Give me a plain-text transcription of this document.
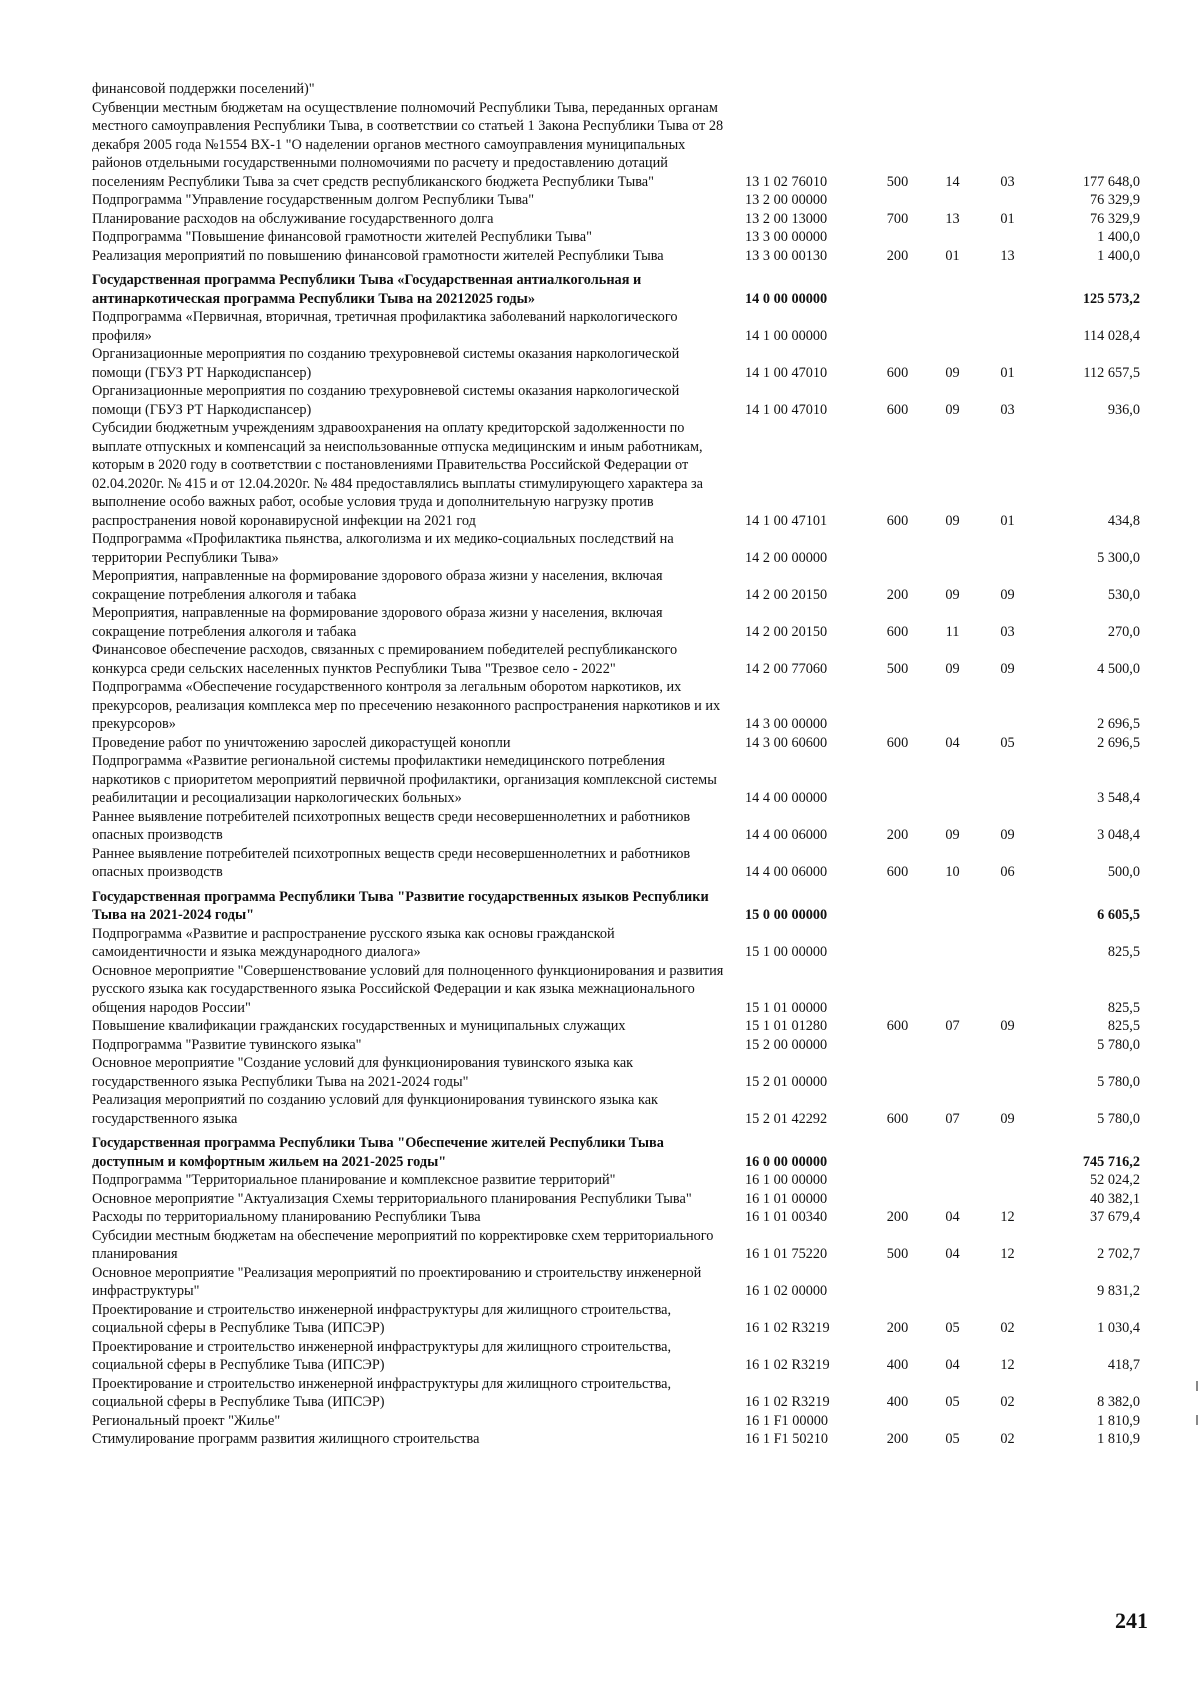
финансовой поддержки поселений)"					
Субвенции местным бюджетам на осуществление полномочий Республики Тыва, переданных органам местного самоуправления Республики Тыва, в соответствии со статьей 1 Закона Республики Тыва от 28 декабря 2005 года №1554 ВХ-1 "О наделении органов местного самоуправления муниципальных районов отдельными государственными полномочиями по расчету и предоставлению дотаций поселениям Республики Тыва за счет средств республиканского бюджета Республики Тыва"	13 1 02 76010	500	14	03	177 648,0
Подпрограмма "Управление государственным долгом Республики Тыва"	13 2 00 00000				76 329,9
Планирование расходов на обслуживание государственного долга	13 2 00 13000	700	13	01	76 329,9
Подпрограмма "Повышение финансовой грамотности жителей Республики Тыва"	13 3 00 00000				1 400,0
Реализация мероприятий по повышению финансовой грамотности жителей Республики Тыва	13 3 00 00130	200	01	13	1 400,0
Государственная программа Республики Тыва «Государственная антиалкогольная и антинаркотическая программа Республики Тыва на 20212025 годы»	14 0 00 00000				125 573,2
Подпрограмма «Первичная, вторичная, третичная профилактика заболеваний наркологического профиля»	14 1 00 00000				114 028,4
Организационные мероприятия по созданию трехуровневой системы оказания наркологической помощи (ГБУЗ РТ Наркодиспансер)	14 1 00 47010	600	09	01	112 657,5
Организационные мероприятия по созданию трехуровневой системы оказания наркологической помощи (ГБУЗ РТ Наркодиспансер)	14 1 00 47010	600	09	03	936,0
Субсидии бюджетным учреждениям здравоохранения на оплату кредиторской задолженности по выплате отпускных и компенсаций за неиспользованные отпуска медицинским и иным работникам, которым в 2020 году в соответствии с постановлениями Правительства Российской Федерации от 02.04.2020г. № 415 и от 12.04.2020г. № 484 предоставлялись выплаты стимулирующего характера за выполнение особо важных работ, особые условия труда и дополнительную нагрузку против распространения новой коронавирусной инфекции на 2021 год	14 1 00 47101	600	09	01	434,8
Подпрограмма «Профилактика пьянства, алкоголизма и их медико-социальных последствий на территории Республики Тыва»	14 2 00 00000				5 300,0
Мероприятия, направленные на формирование здорового образа жизни у населения, включая сокращение потребления алкоголя и табака	14 2 00 20150	200	09	09	530,0
Мероприятия, направленные на формирование здорового образа жизни у населения, включая сокращение потребления алкоголя и табака	14 2 00 20150	600	11	03	270,0
Финансовое обеспечение расходов, связанных с премированием победителей республиканского конкурса среди сельских населенных пунктов Республики Тыва "Трезвое село - 2022"	14 2 00 77060	500	09	09	4 500,0
Подпрограмма «Обеспечение государственного контроля за легальным оборотом наркотиков, их прекурсоров, реализация комплекса мер по пресечению незаконного распространения наркотиков и их прекурсоров»	14 3 00 00000				2 696,5
Проведение работ по уничтожению зарослей дикорастущей конопли	14 3 00 60600	600	04	05	2 696,5
Подпрограмма «Развитие региональной системы профилактики немедицинского потребления наркотиков с приоритетом мероприятий первичной профилактики, организация комплексной системы реабилитации и ресоциализации наркологических больных»	14 4 00 00000				3 548,4
Раннее выявление потребителей психотропных веществ среди несовершеннолетних и работников опасных производств	14 4 00 06000	200	09	09	3 048,4
Раннее выявление потребителей психотропных веществ среди несовершеннолетних и работников опасных производств	14 4 00 06000	600	10	06	500,0
Государственная программа Республики Тыва "Развитие государственных языков Республики Тыва на 2021-2024 годы"	15 0 00 00000				6 605,5
Подпрограмма «Развитие и распространение русского языка как основы гражданской самоидентичности и языка международного диалога»	15 1 00 00000				825,5
Основное мероприятие "Совершенствование условий для полноценного функционирования и развития русского языка как государственного языка Российской Федерации и как языка межнационального общения народов России"	15 1 01 00000				825,5
Повышение квалификации гражданских государственных и муниципальных служащих	15 1 01 01280	600	07	09	825,5
Подпрограмма "Развитие тувинского языка"	15 2 00 00000				5 780,0
Основное мероприятие "Создание условий для функционирования тувинского языка как государственного языка Республики Тыва на 2021-2024 годы"	15 2 01 00000				5 780,0
Реализация мероприятий по созданию условий для функционирования тувинского языка как государственного языка	15 2 01 42292	600	07	09	5 780,0
Государственная программа Республики Тыва "Обеспечение жителей Республики Тыва доступным и комфортным жильем на 2021-2025 годы"	16 0 00 00000				745 716,2
Подпрограмма "Территориальное планирование и комплексное развитие территорий"	16 1 00 00000				52 024,2
Основное мероприятие "Актуализация Схемы территориального планирования Республики Тыва"	16 1 01 00000				40 382,1
Расходы по территориальному планированию Республики Тыва	16 1 01 00340	200	04	12	37 679,4
Субсидии местным бюджетам на обеспечение мероприятий по корректировке схем территориального планирования	16 1 01 75220	500	04	12	2 702,7
Основное мероприятие "Реализация мероприятий по проектированию и строительству инженерной инфраструктуры"	16 1 02 00000				9 831,2
Проектирование и строительство инженерной инфраструктуры для жилищного строительства, социальной сферы в Республике Тыва (ИПСЭР)	16 1 02 R3219	200	05	02	1 030,4
Проектирование и строительство инженерной инфраструктуры для жилищного строительства, социальной сферы в Республике Тыва (ИПСЭР)	16 1 02 R3219	400	04	12	418,7
Проектирование и строительство инженерной инфраструктуры для жилищного строительства, социальной сферы в Республике Тыва (ИПСЭР)	16 1 02 R3219	400	05	02	8 382,0
Региональный проект "Жилье"	16 1 F1 00000				1 810,9
Стимулирование программ развития жилищного строительства	16 1 F1 50210	200	05	02	1 810,9
241
